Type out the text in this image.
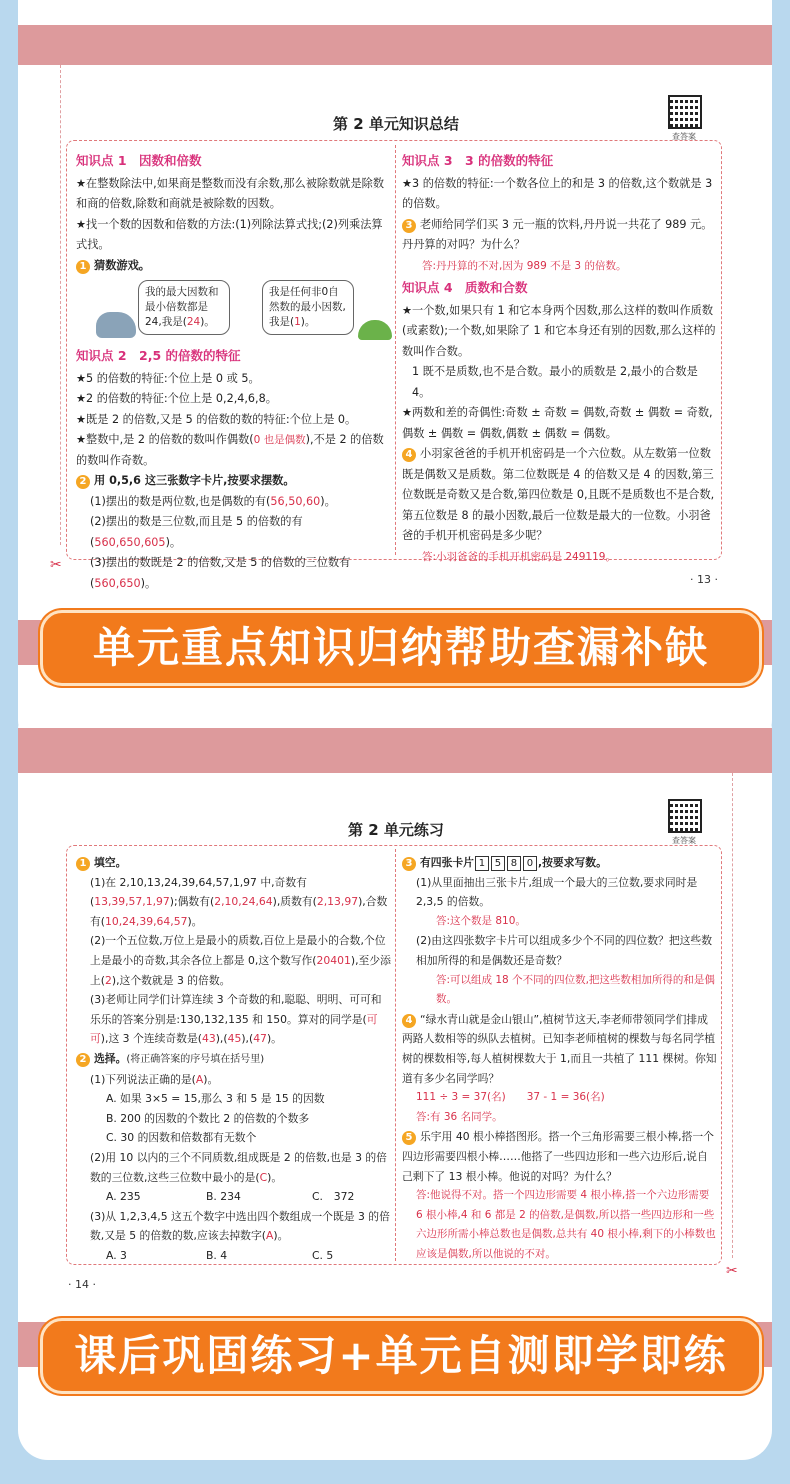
第 2 单元知识总结
查答案
知识点 1　因数和倍数
★在整数除法中,如果商是整数而没有余数,那么被除数就是除数和商的倍数,除数和商就是被除数的因数。
★找一个数的因数和倍数的方法:(1)列除法算式找;(2)列乘法算式找。
1 猜数游戏。
我的最大因数和最小倍数都是24,我是(24)。
我是任何非0自然数的最小因数,我是(1)。
知识点 2　2,5 的倍数的特征
★5 的倍数的特征:个位上是 0 或 5。
★2 的倍数的特征:个位上是 0,2,4,6,8。
★既是 2 的倍数,又是 5 的倍数的数的特征:个位上是 0。
★整数中,是 2 的倍数的数叫作偶数(0 也是偶数),不是 2 的倍数的数叫作奇数。
2 用 0,5,6 这三张数字卡片,按要求摆数。
(1)摆出的数是两位数,也是偶数的有(56,50,60)。
(2)摆出的数是三位数,而且是 5 的倍数的有(560,650,605)。
(3)摆出的数既是 2 的倍数,又是 5 的倍数的三位数有(560,650)。
知识点 3　3 的倍数的特征
★3 的倍数的特征:一个数各位上的和是 3 的倍数,这个数就是 3 的倍数。
3 老师给同学们买 3 元一瓶的饮料,丹丹说一共花了 989 元。丹丹算的对吗？为什么？
答:丹丹算的不对,因为 989 不是 3 的倍数。
知识点 4　质数和合数
★一个数,如果只有 1 和它本身两个因数,那么这样的数叫作质数(或素数);一个数,如果除了 1 和它本身还有别的因数,那么这样的数叫作合数。
1 既不是质数,也不是合数。最小的质数是 2,最小的合数是 4。
★两数和差的奇偶性:奇数 ± 奇数 = 偶数,奇数 ± 偶数 = 奇数,偶数 ± 偶数 = 偶数,偶数 ± 偶数 = 偶数。
4 小羽家爸爸的手机开机密码是一个六位数。从左数第一位数既是偶数又是质数。第二位数既是 4 的倍数又是 4 的因数,第三位数既是奇数又是合数,第四位数是 0,且既不是质数也不是合数,第五位数是 8 的最小因数,最后一位数是最大的一位数。小羽爸爸的手机开机密码是多少呢？
答:小羽爸爸的手机开机密码是 249119。
✂
· 13 ·
单元重点知识归纳帮助查漏补缺
第 2 单元练习
查答案
1 填空。
(1)在 2,10,13,24,39,64,57,1,97 中,奇数有(13,39,57,1,97);偶数有(2,10,24,64),质数有(2,13,97),合数有(10,24,39,64,57)。
(2)一个五位数,万位上是最小的质数,百位上是最小的合数,个位上是最小的奇数,其余各位上都是 0,这个数写作(20401),至少添上(2),这个数就是 3 的倍数。
(3)老师让同学们计算连续 3 个奇数的和,聪聪、明明、可可和乐乐的答案分别是:130,132,135 和 150。算对的同学是(可可),这 3 个连续奇数是(43),(45),(47)。
2 选择。(将正确答案的序号填在括号里)
(1)下列说法正确的是(A)。
A. 如果 3×5 = 15,那么 3 和 5 是 15 的因数
B. 200 的因数的个数比 2 的倍数的个数多
C. 30 的因数和倍数都有无数个
(2)用 10 以内的三个不同质数,组成既是 2 的倍数,也是 3 的倍数的三位数,这些三位数中最小的是(C)。
A. 235	B. 234	C.　372
(3)从 1,2,3,4,5 这五个数字中选出四个数组成一个既是 3 的倍数,又是 5 的倍数的数,应该去掉数字(A)。
A. 3	B. 4	C. 5
3 有四张卡片 1 5 8 0 ,按要求写数。
(1)从里面抽出三张卡片,组成一个最大的三位数,要求同时是 2,3,5 的倍数。
答:这个数是 810。
(2)由这四张数字卡片可以组成多少个不同的四位数？把这些数相加所得的和是偶数还是奇数？
答:可以组成 18 个不同的四位数,把这些数相加所得的和是偶数。
4 “绿水青山就是金山银山”,植树节这天,李老师带领同学们排成两路人数相等的纵队去植树。已知李老师植树的棵数与每名同学植树的棵数相等,每人植树棵数大于 1,而且一共植了 111 棵树。你知道有多少名同学吗？
111 ÷ 3 = 37(名)　　37 - 1 = 36(名)
答:有 36 名同学。
5 乐宇用 40 根小棒搭图形。搭一个三角形需要三根小棒,搭一个四边形需要四根小棒……他搭了一些四边形和一些六边形后,说自己剩下了 13 根小棒。他说的对吗？为什么？
答:他说得不对。搭一个四边形需要 4 根小棒,搭一个六边形需要 6 根小棒,4 和 6 都是 2 的倍数,是偶数,所以搭一些四边形和一些六边形所需小棒总数也是偶数,总共有 40 根小棒,剩下的小棒数也应该是偶数,所以他说的不对。
· 14 ·
✂
课后巩固练习+单元自测即学即练
